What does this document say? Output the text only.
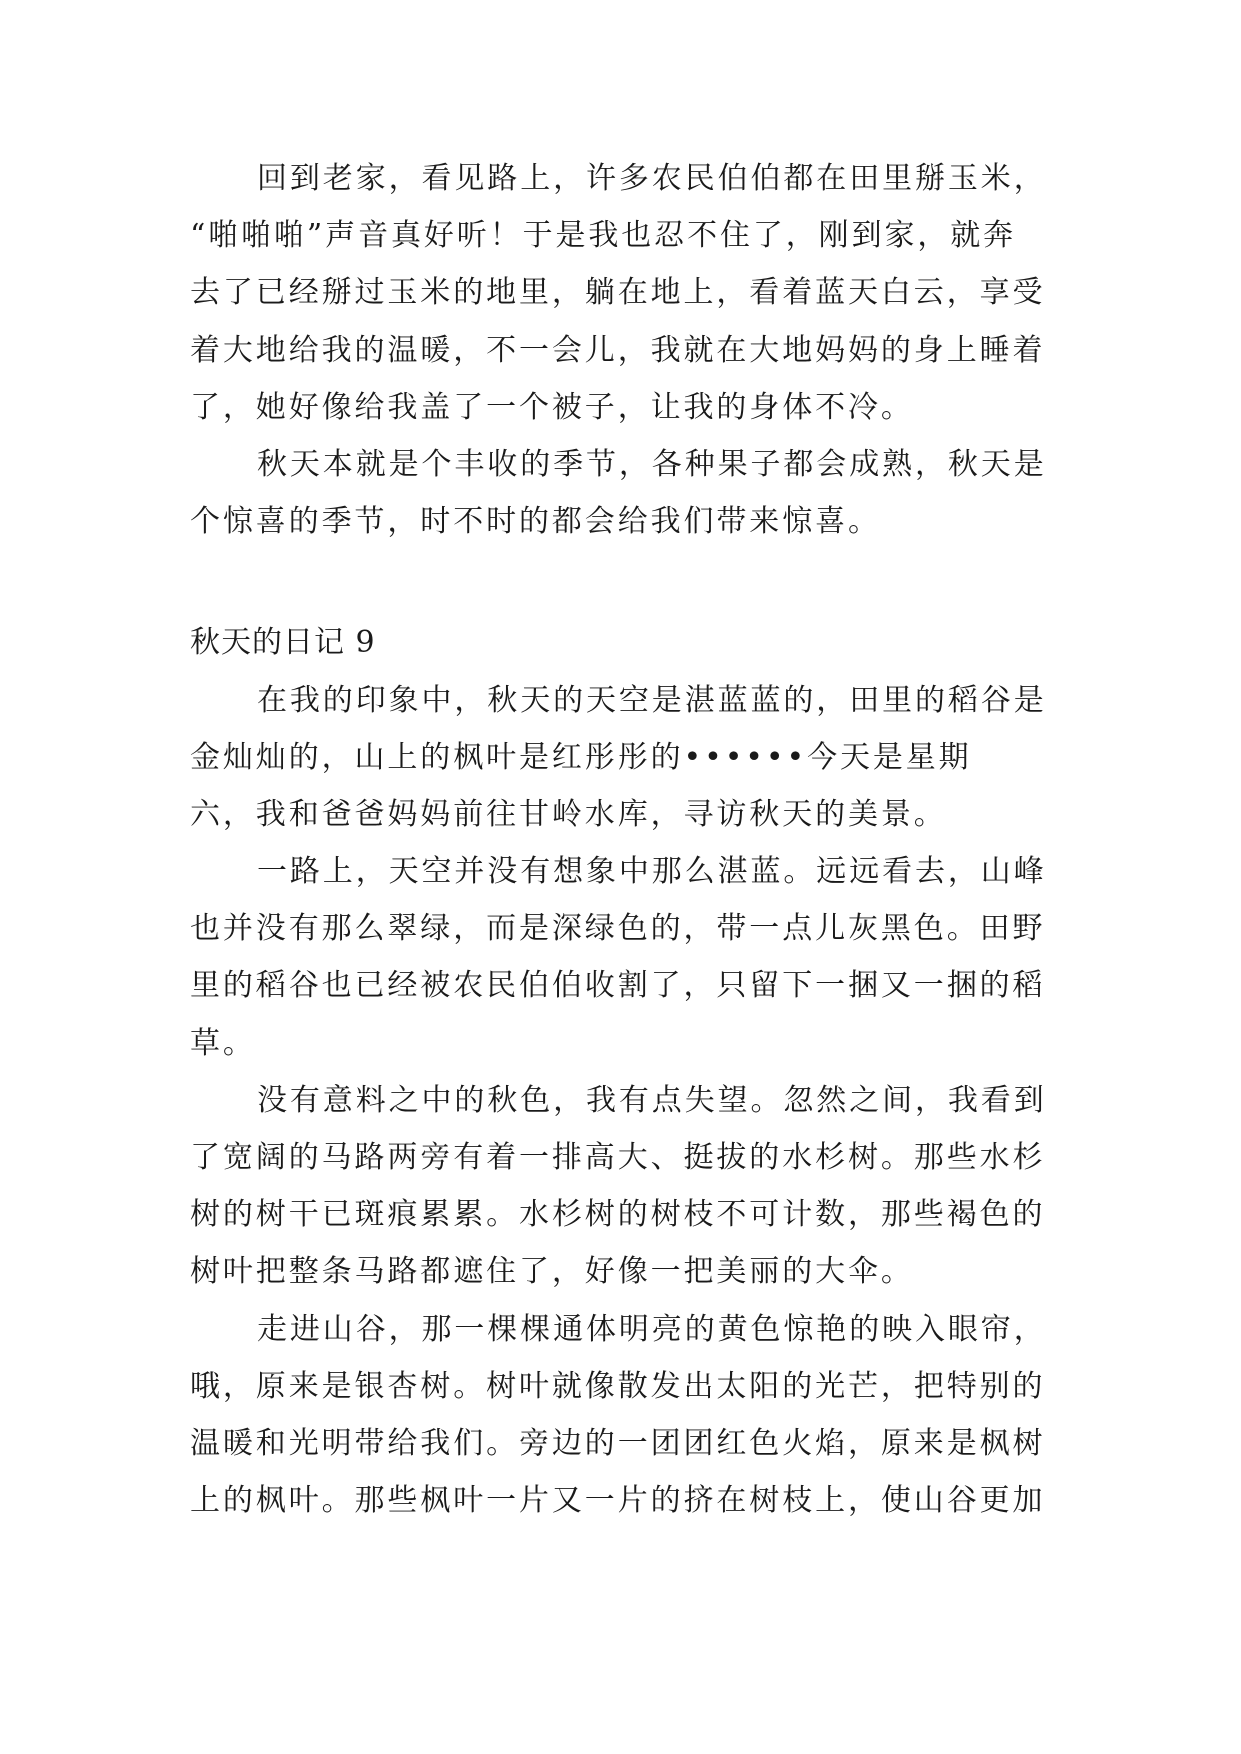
回到老家，看见路上，许多农民伯伯都在田里掰玉米，
“啪啪啪”声音真好听！于是我也忍不住了，刚到家，就奔
去了已经掰过玉米的地里，躺在地上，看着蓝天白云，享受
着大地给我的温暖，不一会儿，我就在大地妈妈的身上睡着
了，她好像给我盖了一个被子，让我的身体不冷。
秋天本就是个丰收的季节，各种果子都会成熟，秋天是
个惊喜的季节，时不时的都会给我们带来惊喜。
秋天的日记 9
在我的印象中，秋天的天空是湛蓝蓝的，田里的稻谷是
金灿灿的，山上的枫叶是红彤彤的••••••今天是星期
六，我和爸爸妈妈前往甘岭水库，寻访秋天的美景。
一路上，天空并没有想象中那么湛蓝。远远看去，山峰
也并没有那么翠绿，而是深绿色的，带一点儿灰黑色。田野
里的稻谷也已经被农民伯伯收割了，只留下一捆又一捆的稻
草。
没有意料之中的秋色，我有点失望。忽然之间，我看到
了宽阔的马路两旁有着一排高大、挺拔的水杉树。那些水杉
树的树干已斑痕累累。水杉树的树枝不可计数，那些褐色的
树叶把整条马路都遮住了，好像一把美丽的大伞。
走进山谷，那一棵棵通体明亮的黄色惊艳的映入眼帘，
哦，原来是银杏树。树叶就像散发出太阳的光芒，把特别的
温暖和光明带给我们。旁边的一团团红色火焰，原来是枫树
上的枫叶。那些枫叶一片又一片的挤在树枝上，使山谷更加
